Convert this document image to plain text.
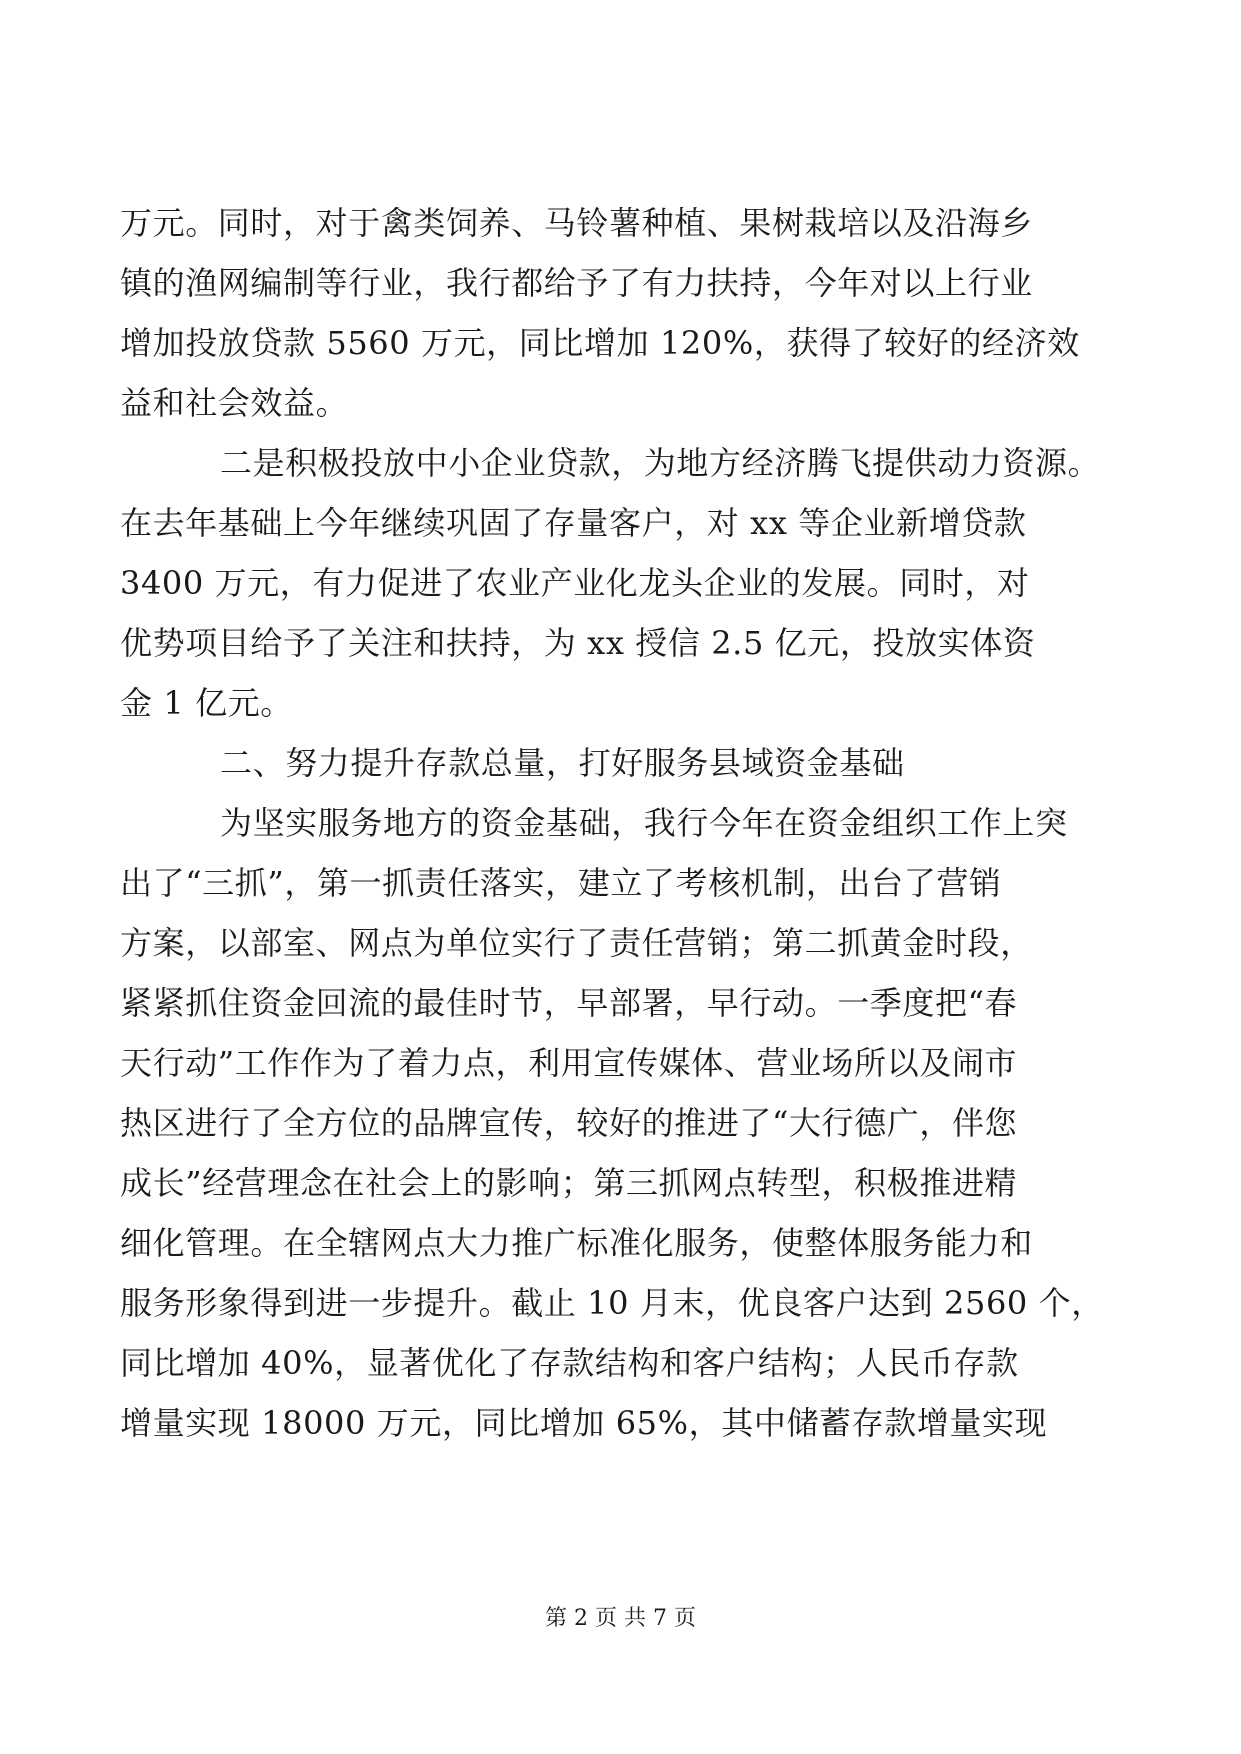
万元。同时，对于禽类饲养、马铃薯种植、果树栽培以及沿海乡
镇的渔网编制等行业，我行都给予了有力扶持，今年对以上行业
增加投放贷款 5560 万元，同比增加 120%，获得了较好的经济效
益和社会效益。
二是积极投放中小企业贷款，为地方经济腾飞提供动力资源。
在去年基础上今年继续巩固了存量客户，对 xx 等企业新增贷款
3400 万元，有力促进了农业产业化龙头企业的发展。同时，对
优势项目给予了关注和扶持，为 xx 授信 2.5 亿元，投放实体资
金 1 亿元。
二、努力提升存款总量，打好服务县域资金基础
为坚实服务地方的资金基础，我行今年在资金组织工作上突
出了“三抓”，第一抓责任落实，建立了考核机制，出台了营销
方案，以部室、网点为单位实行了责任营销；第二抓黄金时段，
紧紧抓住资金回流的最佳时节，早部署，早行动。一季度把“春
天行动”工作作为了着力点，利用宣传媒体、营业场所以及闹市
热区进行了全方位的品牌宣传，较好的推进了“大行德广，伴您
成长”经营理念在社会上的影响；第三抓网点转型，积极推进精
细化管理。在全辖网点大力推广标准化服务，使整体服务能力和
服务形象得到进一步提升。截止 10 月末，优良客户达到 2560 个，
同比增加 40%，显著优化了存款结构和客户结构；人民币存款
增量实现 18000 万元，同比增加 65%，其中储蓄存款增量实现
第 2 页 共 7 页
